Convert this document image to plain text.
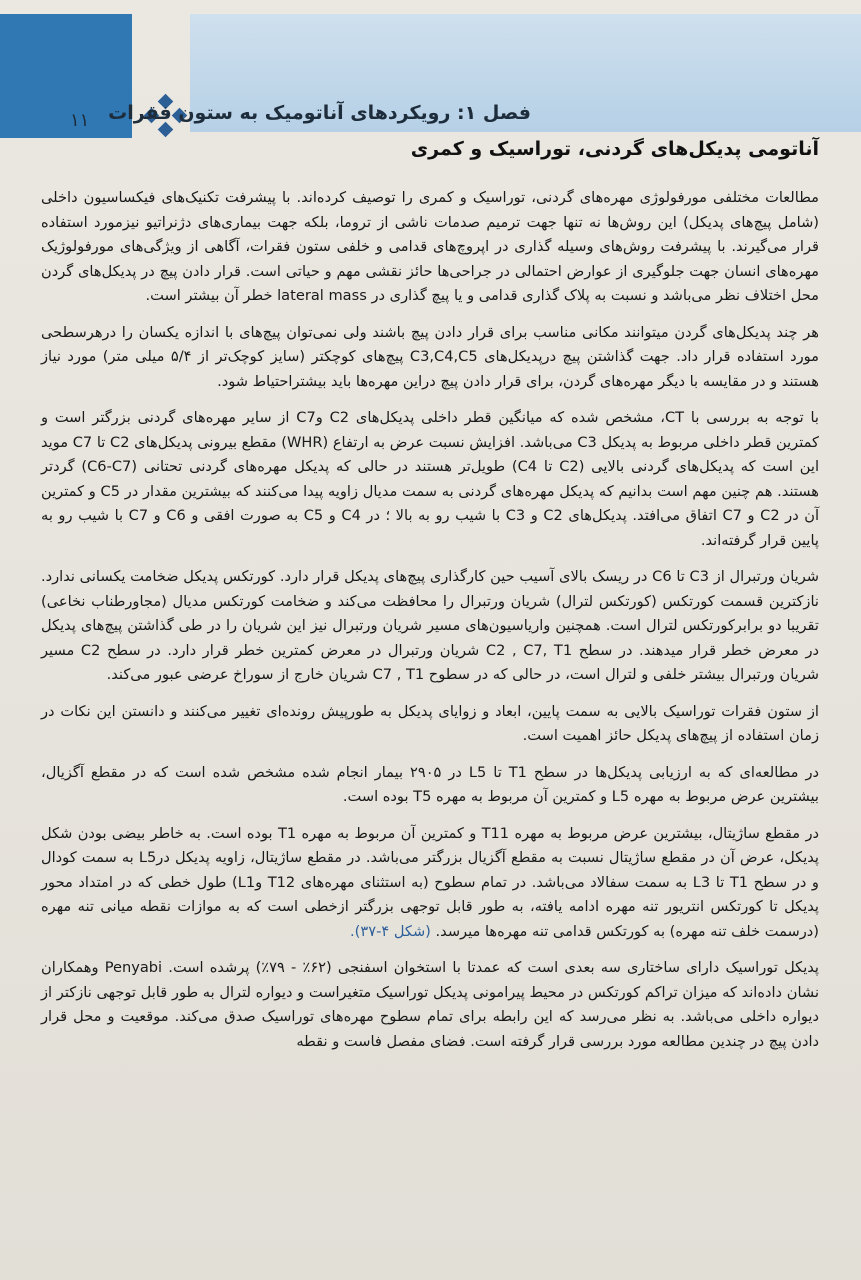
۱۱ فصل ۱: رویکردهای آناتومیک به ستون فقرات
آناتومی پدیکل‌های گردنی، توراسیک و کمری

مطالعات مختلفی مورفولوژی مهره‌های گردنی، توراسیک و کمری را توصیف کرده‌اند. با پیشرفت تکنیک‌های فیکساسیون داخلی (شامل پیچ‌های پدیکل) این روش‌ها نه تنها جهت ترمیم صدمات ناشی از تروما، بلکه جهت بیماری‌های دژنراتیو نیزمورد استفاده قرار می‌گیرند. با پیشرفت روش‌های وسیله گذاری در اپروچ‌های قدامی و خلفی ستون فقرات، آگاهی از ویژگی‌های مورفولوژیک مهره‌های انسان جهت جلوگیری از عوارض احتمالی در جراحی‌ها حائز نقشی مهم و حیاتی است. قرار دادن پیچ در پدیکل‌های گردن محل اختلاف نظر می‌باشد و نسبت به پلاک گذاری قدامی و یا پیچ گذاری در lateral mass خطر آن بیشتر است.

هر چند پدیکل‌های گردن میتوانند مکانی مناسب برای قرار دادن پیچ باشند ولی نمی‌توان پیچ‌های با اندازه یکسان را درهرسطحی مورد استفاده قرار داد. جهت گذاشتن پیچ درپدیکل‌های C3,C4,C5 پیچ‌های کوچکتر (سایز کوچک‌تر از ۵/۴ میلی متر) مورد نیاز هستند و در مقایسه با دیگر مهره‌های گردن، برای قرار دادن پیچ دراین مهره‌ها باید بیشتراحتیاط شود.

با توجه به بررسی با CT، مشخص شده که میانگین قطر داخلی پدیکل‌های C2 وC7 از سایر مهره‌های گردنی بزرگتر است و کمترین قطر داخلی مربوط به پدیکل C3 می‌باشد. افزایش نسبت عرض به ارتفاع (WHR) مقطع بیرونی پدیکل‌های C2 تا C7 موید این است که پدیکل‌های گردنی بالایی (C2 تا C4) طویل‌تر هستند در حالی که پدیکل مهره‌های گردنی تحتانی (C6-C7) گردتر هستند. هم چنین مهم است بدانیم که پدیکل مهره‌های گردنی به سمت مدیال زاویه پیدا می‌کنند که بیشترین مقدار در C5 و کمترین آن در C2 و C7 اتفاق می‌افتد. پدیکل‌های C2 و C3 با شیب رو به بالا ؛ در C4 و C5 به صورت افقی و C6 و C7 با شیب رو به پایین قرار گرفته‌اند.

شریان ورتبرال از C3 تا C6 در ریسک بالای آسیب حین کارگذاری پیچ‌های پدیکل قرار دارد. کورتکس پدیکل ضخامت یکسانی ندارد. نازکترین قسمت کورتکس (کورتکس لترال) شریان ورتبرال را محافظت می‌کند و ضخامت کورتکس مدیال (مجاورطناب نخاعی) تقریبا دو برابرکورتکس لترال است. همچنین واریاسیون‌های مسیر شریان ورتبرال نیز این شریان را در طی گذاشتن پیچ‌های پدیکل در معرض خطر قرار میدهند. در سطح C2 , C7, T1 شریان ورتبرال در معرض کمترین خطر قرار دارد. در سطح C2 مسیر شریان ورتبرال بیشتر خلفی و لترال است، در حالی که در سطوح C7 , T1 شریان خارج از سوراخ عرضی عبور می‌کند.

از ستون فقرات توراسیک بالایی به سمت پایین، ابعاد و زوایای پدیکل به طورپیش رونده‌ای تغییر می‌کنند و دانستن این نکات در زمان استفاده از پیچ‌های پدیکل حائز اهمیت است.

در مطالعه‌ای که به ارزیابی پدیکل‌ها در سطح T1 تا L5 در ۲۹۰۵ بیمار انجام شده مشخص شده است که در مقطع آگزیال، بیشترین عرض مربوط به مهره L5 و کمترین آن مربوط به مهره T5 بوده است.

در مقطع ساژیتال، بیشترین عرض مربوط به مهره T11 و کمترین آن مربوط به مهره T1 بوده است. به خاطر بیضی بودن شکل پدیکل، عرض آن در مقطع ساژیتال نسبت به مقطع آگزیال بزرگتر می‌باشد. در مقطع ساژیتال، زاویه پدیکل درL5 به سمت کودال و در سطح T1 تا L3 به سمت سفالاد می‌باشد. در تمام سطوح (به استثنای مهره‌های T12 وL1) طول خطی که در امتداد محور پدیکل تا کورتکس انتریور تنه مهره ادامه یافته، به طور قابل توجهی بزرگتر ازخطی است که به موازات نقطه میانی تنه مهره (درسمت خلف تنه مهره) به کورتکس قدامی تنه مهره‌ها میرسد. (شکل ۴-۳۷).

پدیکل توراسیک دارای ساختاری سه بعدی است که عمدتا با استخوان اسفنجی (۶۲٪ - ۷۹٪) پرشده است. Penyabi وهمکاران نشان داده‌اند که میزان تراکم کورتکس در محیط پیرامونی پدیکل توراسیک متغیراست و دیواره لترال به طور قابل توجهی نازکتر از دیواره داخلی می‌باشد. به نظر می‌رسد که این رابطه برای تمام سطوح مهره‌های توراسیک صدق می‌کند. موقعیت و محل قرار دادن پیچ در چندین مطالعه مورد بررسی قرار گرفته است. فضای مفصل فاست و نقطه
